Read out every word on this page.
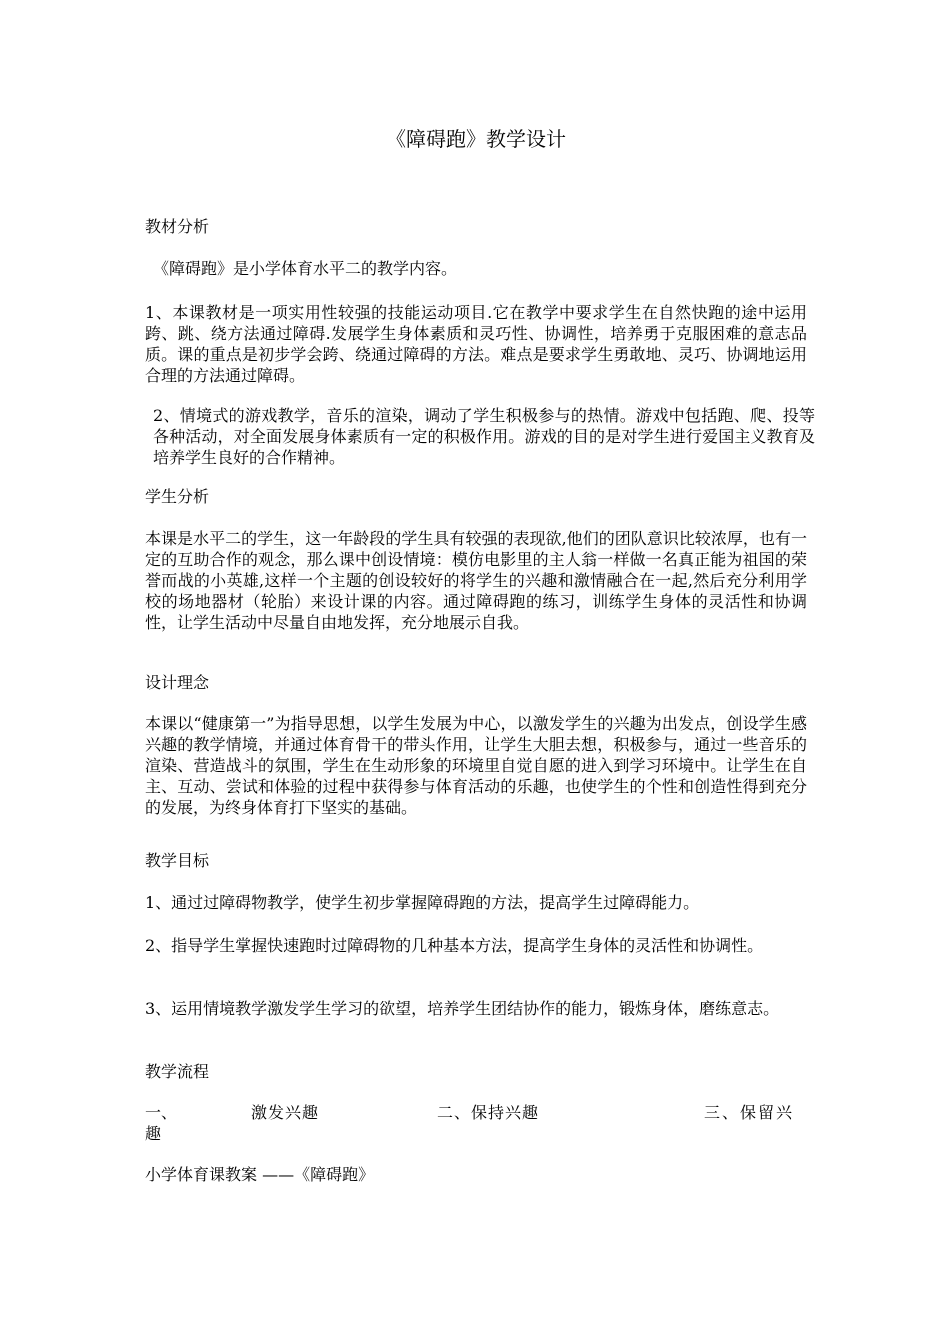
《障碍跑》教学设计
教材分析
《障碍跑》是小学体育水平二的教学内容。
1、本课教材是一项实用性较强的技能运动项目.它在教学中要求学生在自然快跑的途中运用跨、跳、绕方法通过障碍.发展学生身体素质和灵巧性、协调性，培养勇于克服困难的意志品质。课的重点是初步学会跨、绕通过障碍的方法。难点是要求学生勇敢地、灵巧、协调地运用合理的方法通过障碍。
2、情境式的游戏教学，音乐的渲染，调动了学生积极参与的热情。游戏中包括跑、爬、投等各种活动，对全面发展身体素质有一定的积极作用。游戏的目的是对学生进行爱国主义教育及培养学生良好的合作精神。
学生分析
本课是水平二的学生，这一年龄段的学生具有较强的表现欲,他们的团队意识比较浓厚，也有一定的互助合作的观念，那么课中创设情境：模仿电影里的主人翁一样做一名真正能为祖国的荣誉而战的小英雄,这样一个主题的创设较好的将学生的兴趣和激情融合在一起,然后充分利用学校的场地器材（轮胎）来设计课的内容。通过障碍跑的练习，训练学生身体的灵活性和协调性，让学生活动中尽量自由地发挥，充分地展示自我。
设计理念
本课以“健康第一”为指导思想，以学生发展为中心，以激发学生的兴趣为出发点，创设学生感兴趣的教学情境，并通过体育骨干的带头作用，让学生大胆去想，积极参与，通过一些音乐的渲染、营造战斗的氛围，学生在生动形象的环境里自觉自愿的进入到学习环境中。让学生在自主、互动、尝试和体验的过程中获得参与体育活动的乐趣，也使学生的个性和创造性得到充分的发展，为终身体育打下坚实的基础。
教学目标
1、通过过障碍物教学，使学生初步掌握障碍跑的方法，提高学生过障碍能力。
2、指导学生掌握快速跑时过障碍物的几种基本方法，提高学生身体的灵活性和协调性。
3、运用情境教学激发学生学习的欲望，培养学生团结协作的能力，锻炼身体，磨练意志。
教学流程
一、	激发兴趣	二、保持兴趣	三、保留兴
趣
小学体育课教案 ——《障碍跑》
